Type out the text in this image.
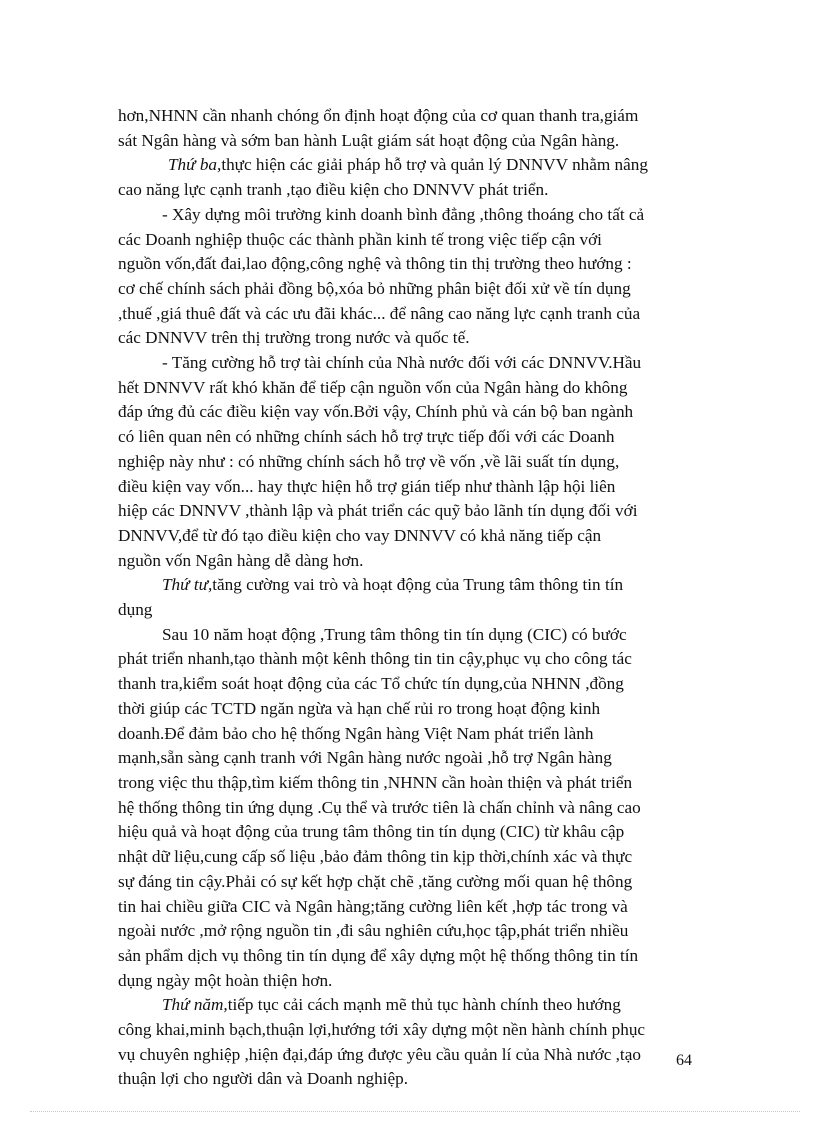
hơn,NHNN cần nhanh chóng ổn định hoạt động của cơ quan thanh tra,giám
sát Ngân hàng và sớm ban hành Luật giám sát hoạt động của Ngân hàng.
Thứ ba,thực hiện các giải pháp hỗ trợ và quản lý DNNVV nhằm nâng
cao năng lực cạnh tranh ,tạo điều kiện cho DNNVV phát triển.
- Xây dựng môi trường kinh doanh bình đẳng ,thông thoáng cho tất cả
các Doanh nghiệp thuộc các thành phần kinh tế trong việc tiếp cận với
nguồn vốn,đất đai,lao động,công nghệ và thông tin thị trường theo hướng :
cơ chế chính sách phải đồng bộ,xóa bỏ những phân biệt đối xử về tín dụng
,thuế ,giá thuê đất và các ưu đãi khác... để nâng cao năng lực cạnh tranh của
các DNNVV trên thị trường trong nước và quốc tế.
- Tăng cường hỗ trợ tài chính của Nhà nước đối với các DNNVV.Hầu
hết DNNVV rất khó khăn để tiếp cận nguồn vốn của Ngân hàng do không
đáp ứng đủ các điều kiện vay vốn.Bởi vậy, Chính phủ và cán bộ ban ngành
có liên quan nên có những chính sách hỗ trợ trực tiếp đối với các Doanh
nghiệp này như : có những chính sách hỗ trợ về vốn ,về lãi suất tín dụng,
điều kiện vay vốn... hay thực hiện hỗ trợ gián tiếp như thành lập hội liên
hiệp các DNNVV ,thành lập và phát triển các quỹ bảo lãnh tín dụng đối với
DNNVV,để từ đó tạo điều kiện cho vay DNNVV có khả năng tiếp cận
nguồn vốn Ngân hàng dễ dàng hơn.
Thứ tư,tăng cường vai trò và hoạt động của Trung tâm thông tin tín
dụng
Sau 10 năm hoạt động ,Trung tâm thông tin tín dụng (CIC) có bước
phát triển nhanh,tạo thành một kênh thông tin tin cậy,phục vụ cho công tác
thanh tra,kiểm soát hoạt động của các Tổ chức tín dụng,của NHNN ,đồng
thời giúp các TCTD ngăn ngừa và hạn chế rủi ro trong hoạt động kinh
doanh.Để đảm bảo cho hệ thống Ngân hàng Việt Nam phát triển lành
mạnh,sẵn sàng cạnh tranh với Ngân hàng nước ngoài ,hỗ trợ Ngân hàng
trong việc thu thập,tìm kiếm thông tin ,NHNN cần hoàn thiện và phát triển
hệ thống thông tin ứng dụng .Cụ thể và trước tiên là chấn chỉnh và nâng cao
hiệu quả và hoạt động của trung tâm thông tin tín dụng (CIC) từ khâu cập
nhật dữ liệu,cung cấp số liệu ,bảo đảm thông tin kịp thời,chính xác và thực
sự đáng tin cậy.Phải có sự kết hợp chặt chẽ ,tăng cường mối quan hệ thông
tin hai chiều giữa CIC và Ngân hàng;tăng cường liên kết ,hợp tác trong và
ngoài nước ,mở rộng nguồn tin ,đi sâu nghiên cứu,học tập,phát triển nhiều
sản phẩm dịch vụ thông tin tín dụng để xây dựng một hệ thống thông tin tín
dụng ngày một hoàn thiện hơn.
Thứ năm,tiếp tục cải cách mạnh mẽ thủ tục hành chính theo hướng
công khai,minh bạch,thuận lợi,hướng tới xây dựng một nền hành chính phục
vụ chuyên nghiệp ,hiện đại,đáp ứng được yêu cầu quản lí của Nhà nước ,tạo
thuận lợi cho người dân và Doanh nghiệp.
64
